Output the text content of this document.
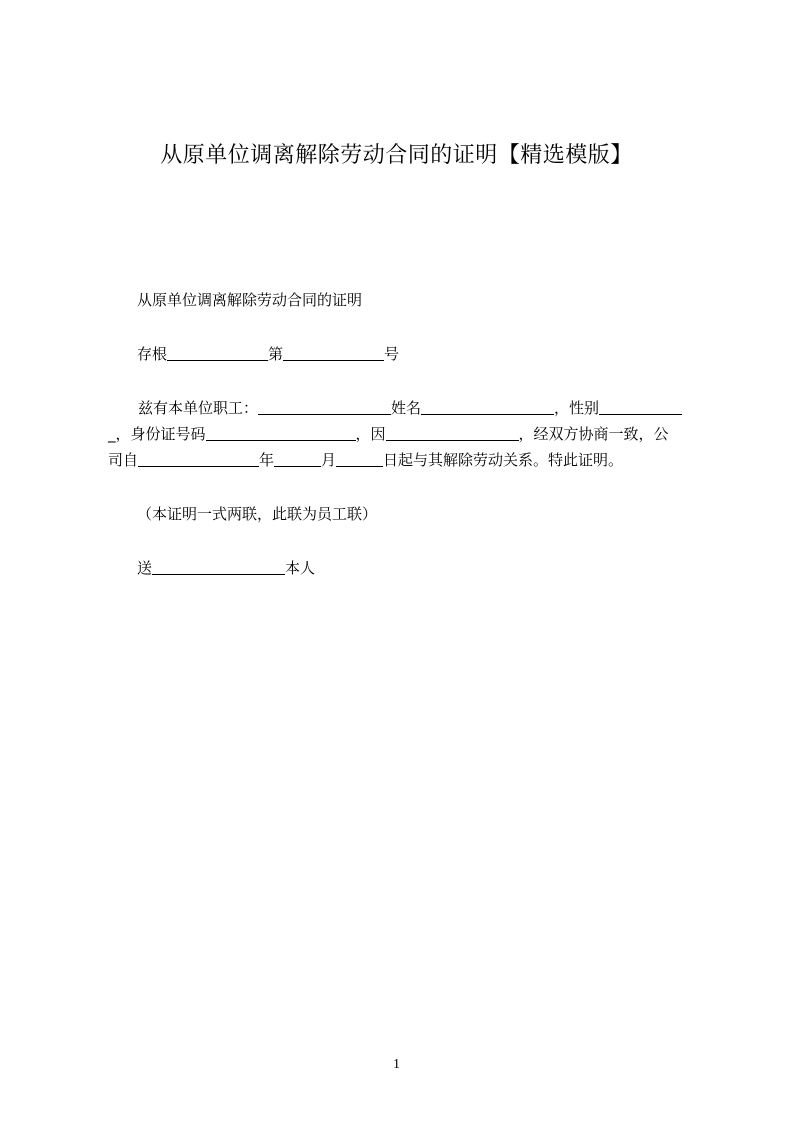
从原单位调离解除劳动合同的证明【精选模版】

从原单位调离解除劳动合同的证明

存根	第	号

兹有本单位职工：	姓名	，性别
_，身份证号码	，因	，经双方协商一致，公
司自	年	月	日起与其解除劳动关系。特此证明。

（本证明一式两联，此联为员工联）

送	本人

1
